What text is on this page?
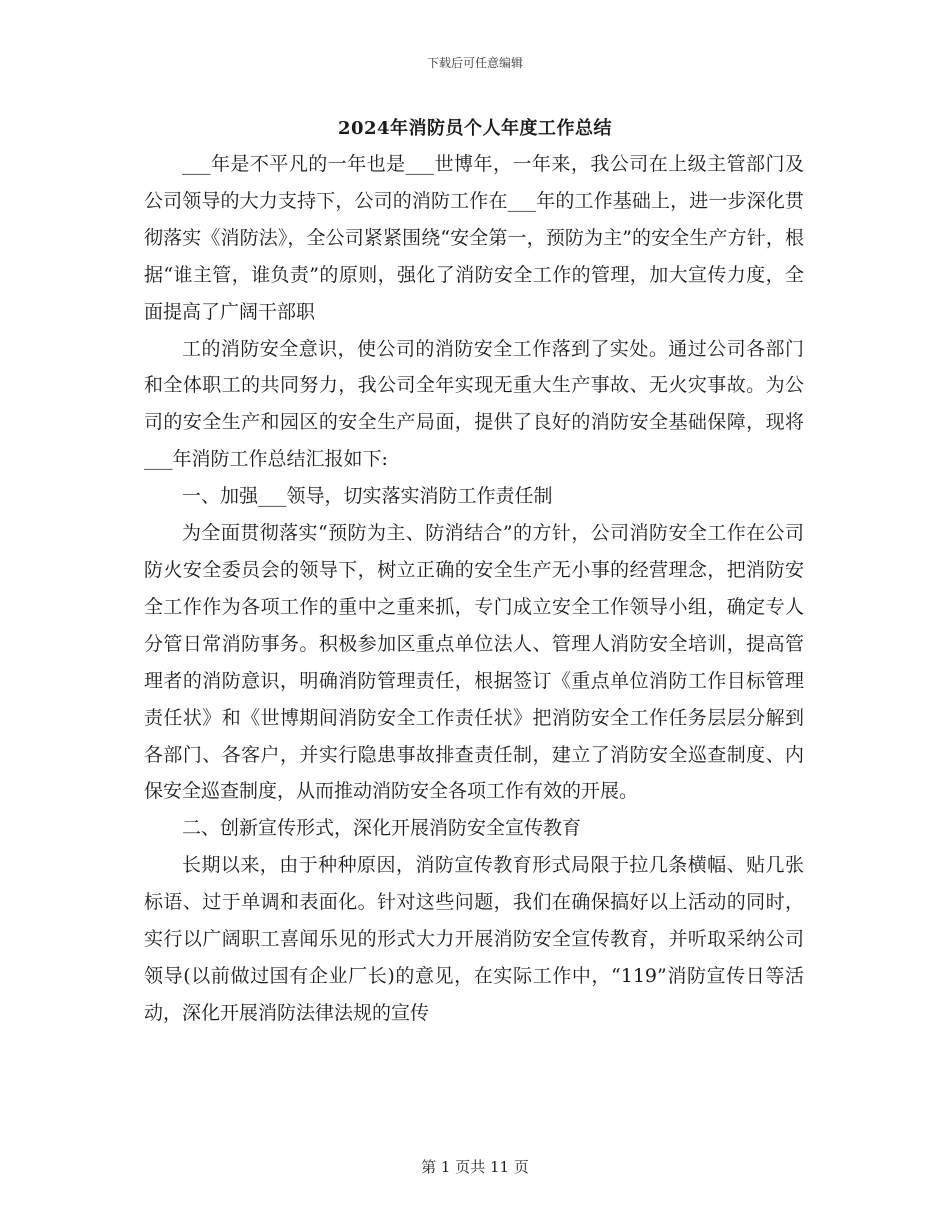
下载后可任意编辑
2024年消防员个人年度工作总结

___年是不平凡的一年也是___世博年，一年来，我公司在上级主管部门及公司领导的大力支持下，公司的消防工作在___年的工作基础上，进一步深化贯彻落实《消防法》，全公司紧紧围绕“安全第一，预防为主”的安全生产方针，根据“谁主管，谁负责”的原则，强化了消防安全工作的管理，加大宣传力度，全面提高了广阔干部职

工的消防安全意识，使公司的消防安全工作落到了实处。通过公司各部门和全体职工的共同努力，我公司全年实现无重大生产事故、无火灾事故。为公司的安全生产和园区的安全生产局面，提供了良好的消防安全基础保障，现将___年消防工作总结汇报如下:

一、加强___领导，切实落实消防工作责任制

为全面贯彻落实“预防为主、防消结合”的方针，公司消防安全工作在公司防火安全委员会的领导下，树立正确的安全生产无小事的经营理念，把消防安全工作作为各项工作的重中之重来抓，专门成立安全工作领导小组，确定专人分管日常消防事务。积极参加区重点单位法人、管理人消防安全培训，提高管理者的消防意识，明确消防管理责任，根据签订《重点单位消防工作目标管理责任状》和《世博期间消防安全工作责任状》把消防安全工作任务层层分解到各部门、各客户，并实行隐患事故排查责任制，建立了消防安全巡查制度、内保安全巡查制度，从而推动消防安全各项工作有效的开展。

二、创新宣传形式，深化开展消防安全宣传教育

长期以来，由于种种原因，消防宣传教育形式局限于拉几条横幅、贴几张标语、过于单调和表面化。针对这些问题，我们在确保搞好以上活动的同时，实行以广阔职工喜闻乐见的形式大力开展消防安全宣传教育，并听取采纳公司领导(以前做过国有企业厂长)的意见，在实际工作中，“119”消防宣传日等活动，深化开展消防法律法规的宣传

第 1 页共 11 页
